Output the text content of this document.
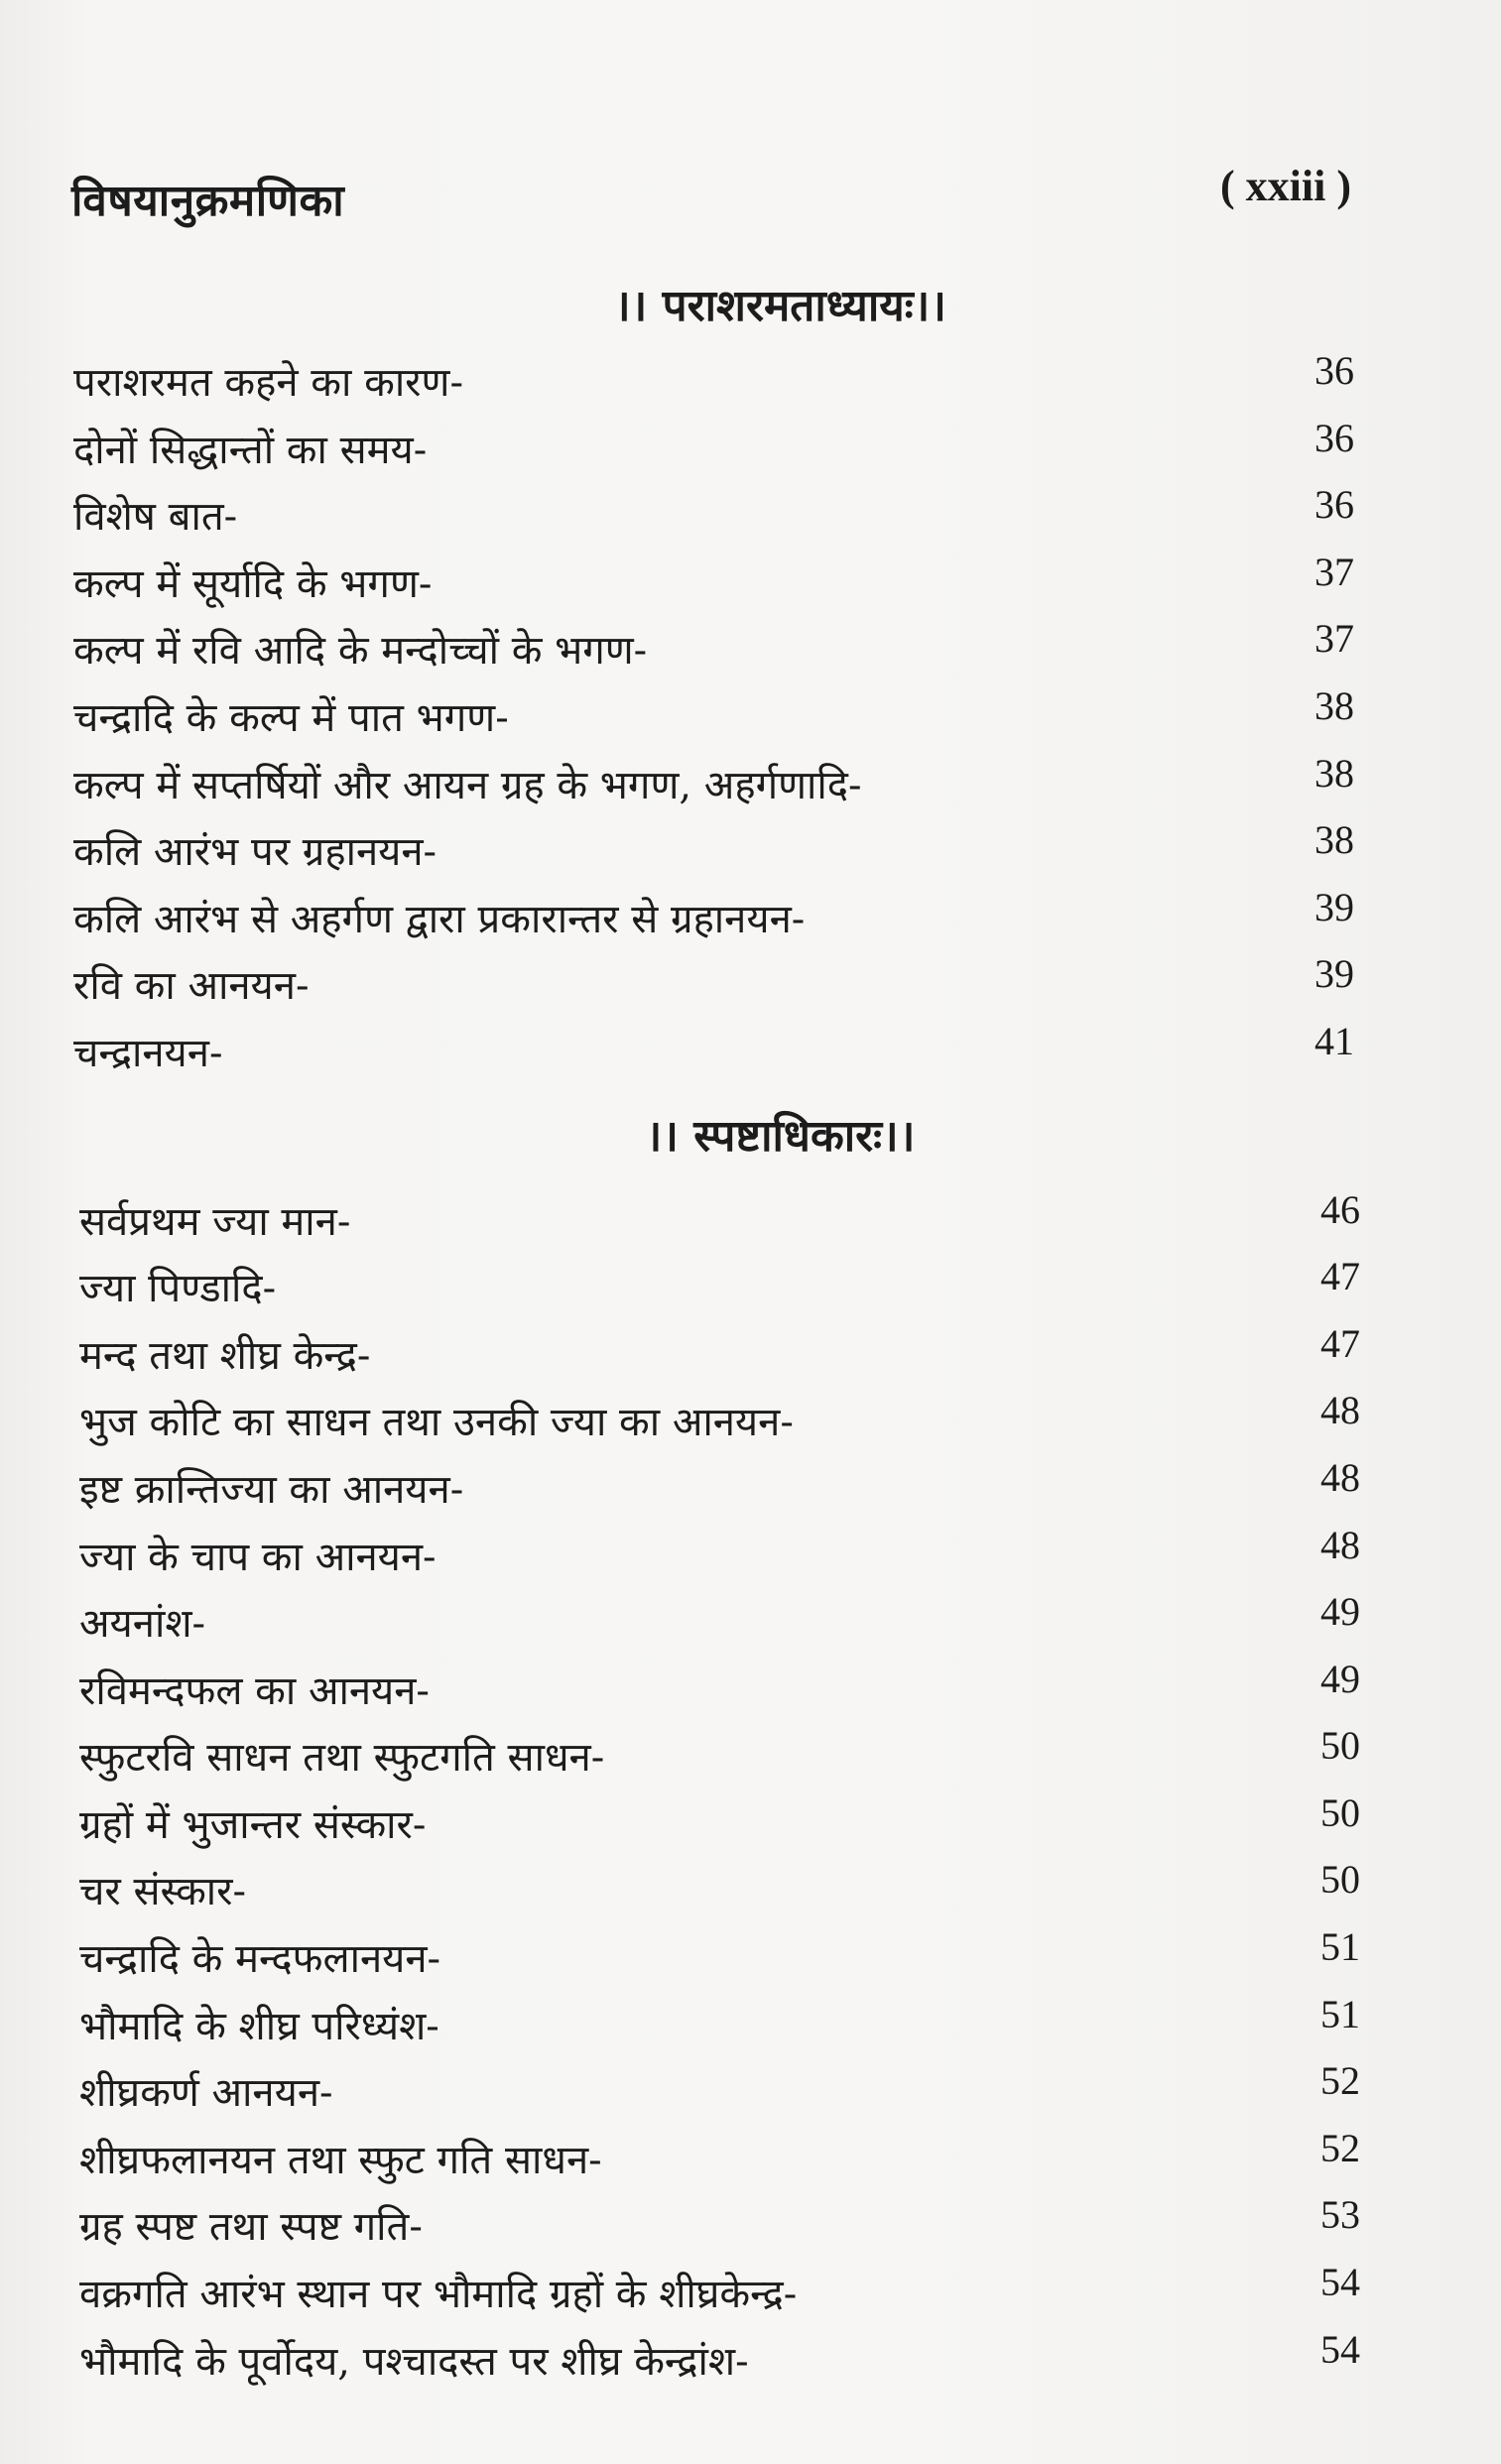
विषयानुक्रमणिका	( xxiii )
।। पराशरमताध्यायः।।
पराशरमत कहने का कारण-	36
दोनों सिद्धान्तों का समय-	36
विशेष बात-	36
कल्प में सूर्यादि के भगण-	37
कल्प में रवि आदि के मन्दोच्चों के भगण-	37
चन्द्रादि के कल्प में पात भगण-	38
कल्प में सप्तर्षियों और आयन ग्रह के भगण, अहर्गणादि-	38
कलि आरंभ पर ग्रहानयन-	38
कलि आरंभ से अहर्गण द्वारा प्रकारान्तर से ग्रहानयन-	39
रवि का आनयन-	39
चन्द्रानयन-	41
।। स्पष्टाधिकारः।।
सर्वप्रथम ज्या मान-	46
ज्या पिण्डादि-	47
मन्द तथा शीघ्र केन्द्र-	47
भुज कोटि का साधन तथा उनकी ज्या का आनयन-	48
इष्ट क्रान्तिज्या का आनयन-	48
ज्या के चाप का आनयन-	48
अयनांश-	49
रविमन्दफल का आनयन-	49
स्फुटरवि साधन तथा स्फुटगति साधन-	50
ग्रहों में भुजान्तर संस्कार-	50
चर संस्कार-	50
चन्द्रादि के मन्दफलानयन-	51
भौमादि के शीघ्र परिध्यंश-	51
शीघ्रकर्ण आनयन-	52
शीघ्रफलानयन तथा स्फुट गति साधन-	52
ग्रह स्पष्ट तथा स्पष्ट गति-	53
वक्रगति आरंभ स्थान पर भौमादि ग्रहों के शीघ्रकेन्द्र-	54
भौमादि के पूर्वोदय, पश्चादस्त पर शीघ्र केन्द्रांश-	54
